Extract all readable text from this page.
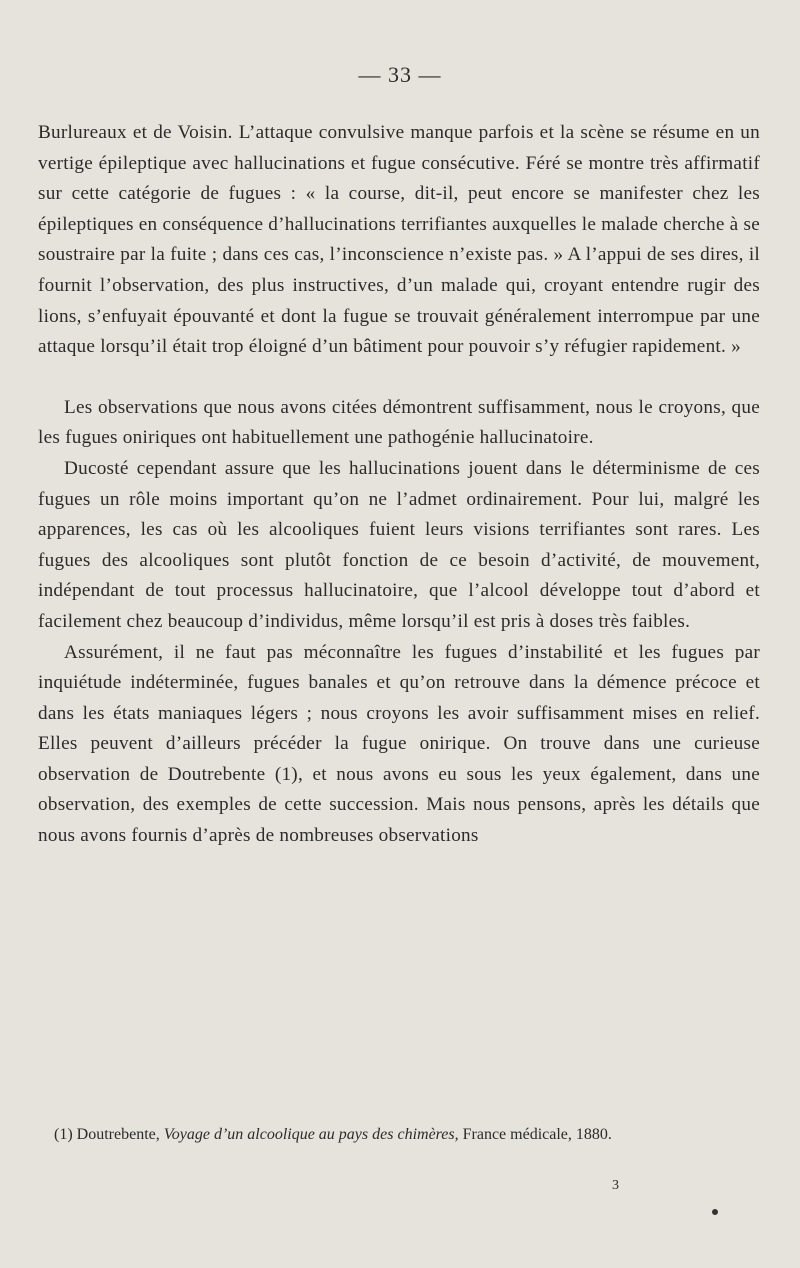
— 33 —

Burlureaux et de Voisin. L’attaque convulsive manque parfois et la scène se résume en un vertige épileptique avec hallucinations et fugue consécutive. Féré se montre très affirmatif sur cette catégorie de fugues : « la course, dit-il, peut encore se manifester chez les épileptiques en conséquence d’hallucinations terrifiantes auxquelles le malade cherche à se soustraire par la fuite ; dans ces cas, l’inconscience n’existe pas. » A l’appui de ses dires, il fournit l’observation, des plus instructives, d’un malade qui, croyant entendre rugir des lions, s’enfuyait épouvanté et dont la fugue se trouvait généralement interrompue par une attaque lorsqu’il était trop éloigné d’un bâtiment pour pouvoir s’y réfugier rapidement. »

Les observations que nous avons citées démontrent suffisamment, nous le croyons, que les fugues oniriques ont habituellement une pathogénie hallucinatoire.

Ducosté cependant assure que les hallucinations jouent dans le déterminisme de ces fugues un rôle moins important qu’on ne l’admet ordinairement. Pour lui, malgré les apparences, les cas où les alcooliques fuient leurs visions terrifiantes sont rares. Les fugues des alcooliques sont plutôt fonction de ce besoin d’activité, de mouvement, indépendant de tout processus hallucinatoire, que l’alcool développe tout d’abord et facilement chez beaucoup d’individus, même lorsqu’il est pris à doses très faibles.

Assurément, il ne faut pas méconnaître les fugues d’instabilité et les fugues par inquiétude indéterminée, fugues banales et qu’on retrouve dans la démence précoce et dans les états maniaques légers ; nous croyons les avoir suffisamment mises en relief. Elles peuvent d’ailleurs précéder la fugue onirique. On trouve dans une curieuse observation de Doutrebente (1), et nous avons eu sous les yeux également, dans une observation, des exemples de cette succession. Mais nous pensons, après les détails que nous avons fournis d’après de nombreuses observations

(1) Doutrebente, Voyage d’un alcoolique au pays des chimères, France médicale, 1880.
3
